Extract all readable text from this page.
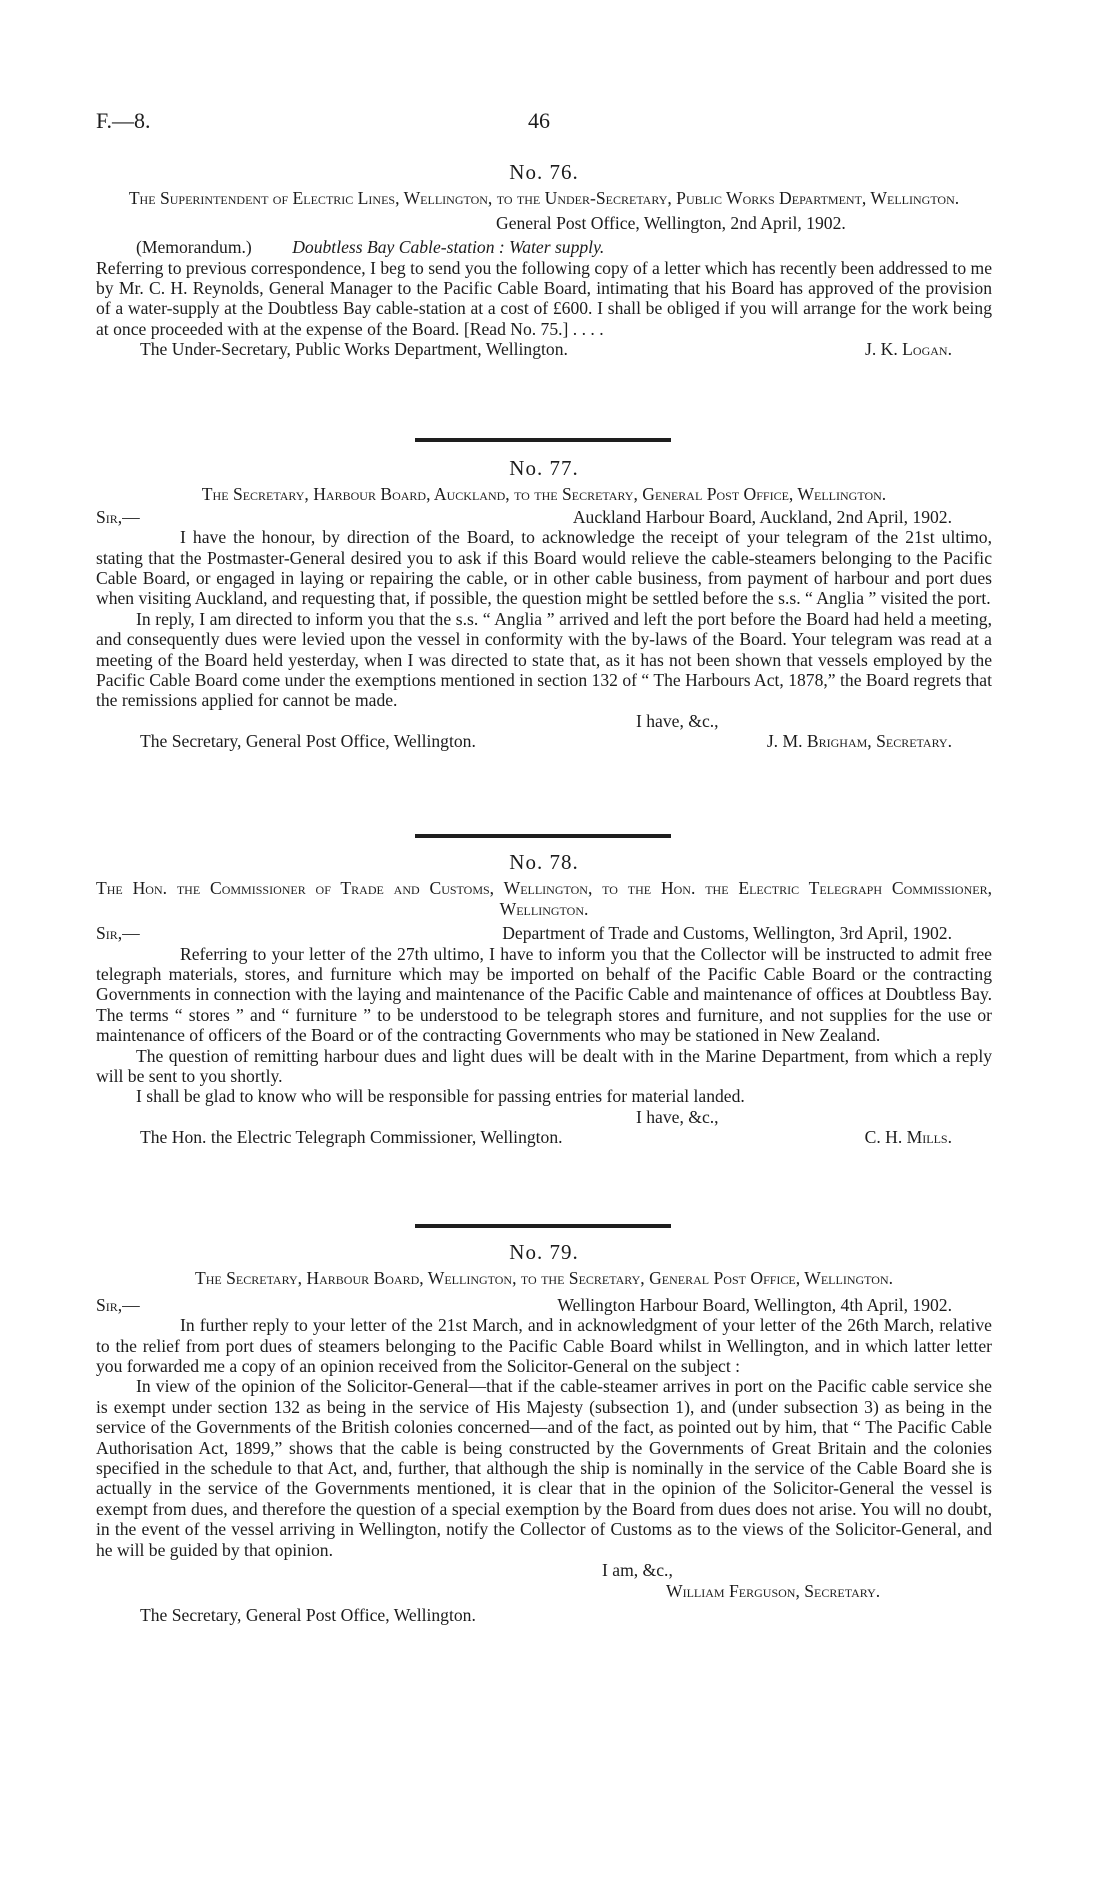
F.—8.	46
No. 76.
The Superintendent of Electric Lines, Wellington, to the Under-Secretary, Public Works Department, Wellington.
General Post Office, Wellington, 2nd April, 1902.
(Memorandum.) Doubtless Bay Cable-station : Water supply.

Referring to previous correspondence, I beg to send you the following copy of a letter which has recently been addressed to me by Mr. C. H. Reynolds, General Manager to the Pacific Cable Board, intimating that his Board has approved of the provision of a water-supply at the Doubtless Bay cable-station at a cost of £600. I shall be obliged if you will arrange for the work being at once proceeded with at the expense of the Board. [Read No. 75.] . . . .

The Under-Secretary, Public Works Department, Wellington.	J. K. Logan.
No. 77.
The Secretary, Harbour Board, Auckland, to the Secretary, General Post Office, Wellington.
Sir,—	Auckland Harbour Board, Auckland, 2nd April, 1902.

I have the honour, by direction of the Board, to acknowledge the receipt of your telegram of the 21st ultimo, stating that the Postmaster-General desired you to ask if this Board would relieve the cable-steamers belonging to the Pacific Cable Board, or engaged in laying or repairing the cable, or in other cable business, from payment of harbour and port dues when visiting Auckland, and requesting that, if possible, the question might be settled before the s.s. “ Anglia ” visited the port.

In reply, I am directed to inform you that the s.s. “ Anglia ” arrived and left the port before the Board had held a meeting, and consequently dues were levied upon the vessel in conformity with the by-laws of the Board. Your telegram was read at a meeting of the Board held yesterday, when I was directed to state that, as it has not been shown that vessels employed by the Pacific Cable Board come under the exemptions mentioned in section 132 of “ The Harbours Act, 1878,” the Board regrets that the remissions applied for cannot be made.

I have, &c.,
The Secretary, General Post Office, Wellington.	J. M. Brigham, Secretary.
No. 78.
The Hon. the Commissioner of Trade and Customs, Wellington, to the Hon. the Electric Telegraph Commissioner, Wellington.
Sir,—	Department of Trade and Customs, Wellington, 3rd April, 1902.

Referring to your letter of the 27th ultimo, I have to inform you that the Collector will be instructed to admit free telegraph materials, stores, and furniture which may be imported on behalf of the Pacific Cable Board or the contracting Governments in connection with the laying and maintenance of the Pacific Cable and maintenance of offices at Doubtless Bay. The terms “ stores ” and “ furniture ” to be understood to be telegraph stores and furniture, and not supplies for the use or maintenance of officers of the Board or of the contracting Governments who may be stationed in New Zealand.

The question of remitting harbour dues and light dues will be dealt with in the Marine Department, from which a reply will be sent to you shortly.

I shall be glad to know who will be responsible for passing entries for material landed.

I have, &c.,
The Hon. the Electric Telegraph Commissioner, Wellington.	C. H. Mills.
No. 79.
The Secretary, Harbour Board, Wellington, to the Secretary, General Post Office, Wellington.
Sir,—	Wellington Harbour Board, Wellington, 4th April, 1902.

In further reply to your letter of the 21st March, and in acknowledgment of your letter of the 26th March, relative to the relief from port dues of steamers belonging to the Pacific Cable Board whilst in Wellington, and in which latter letter you forwarded me a copy of an opinion received from the Solicitor-General on the subject :

In view of the opinion of the Solicitor-General—that if the cable-steamer arrives in port on the Pacific cable service she is exempt under section 132 as being in the service of His Majesty (subsection 1), and (under subsection 3) as being in the service of the Governments of the British colonies concerned—and of the fact, as pointed out by him, that “ The Pacific Cable Authorisation Act, 1899,” shows that the cable is being constructed by the Governments of Great Britain and the colonies specified in the schedule to that Act, and, further, that although the ship is nominally in the service of the Cable Board she is actually in the service of the Governments mentioned, it is clear that in the opinion of the Solicitor-General the vessel is exempt from dues, and therefore the question of a special exemption by the Board from dues does not arise. You will no doubt, in the event of the vessel arriving in Wellington, notify the Collector of Customs as to the views of the Solicitor-General, and he will be guided by that opinion.

I am, &c.,
William Ferguson, Secretary.
The Secretary, General Post Office, Wellington.
